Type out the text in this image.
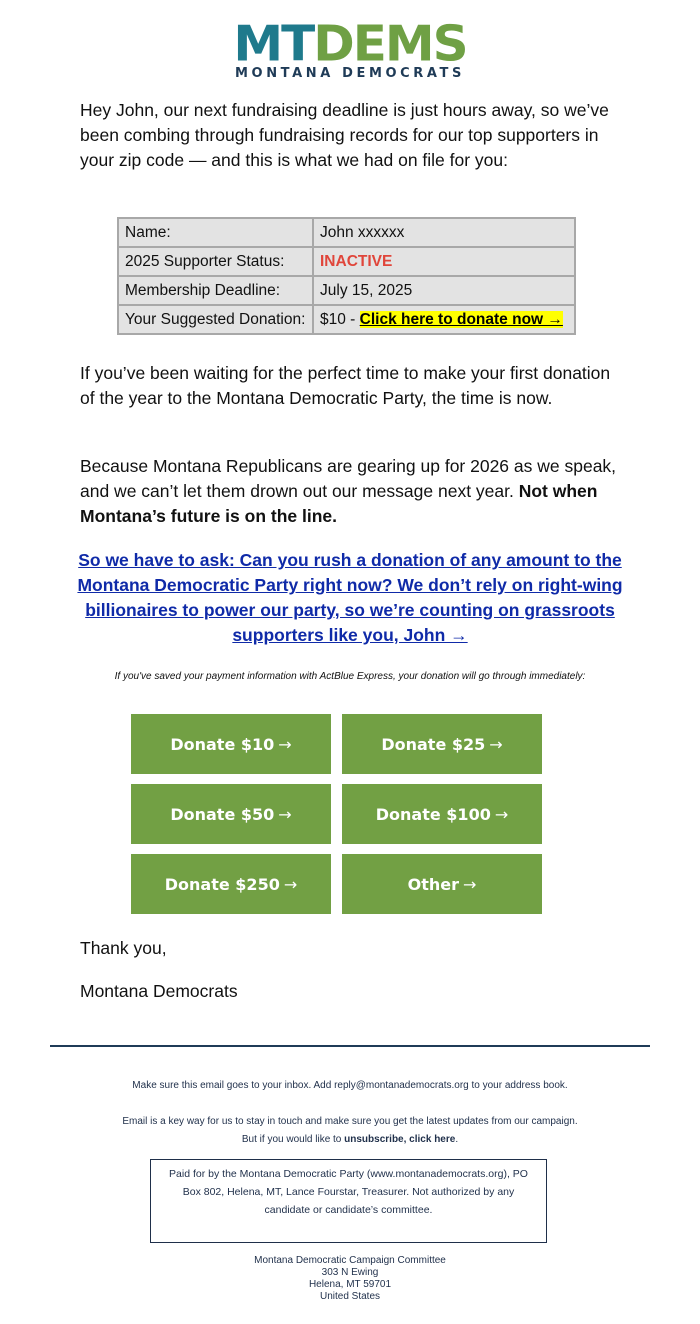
MTDEMS
MONTANA DEMOCRATS

Hey John, our next fundraising deadline is just hours away, so we’ve been combing through fundraising records for our top supporters in your zip code — and this is what we had on file for you:

Name:	John xxxxxx
2025 Supporter Status:	INACTIVE
Membership Deadline:	July 15, 2025
Your Suggested Donation:	$10 - Click here to donate now →

If you’ve been waiting for the perfect time to make your first donation of the year to the Montana Democratic Party, the time is now.

Because Montana Republicans are gearing up for 2026 as we speak, and we can’t let them drown out our message next year. Not when Montana’s future is on the line.

So we have to ask: Can you rush a donation of any amount to the Montana Democratic Party right now? We don’t rely on right-wing billionaires to power our party, so we’re counting on grassroots supporters like you, John →

If you've saved your payment information with ActBlue Express, your donation will go through immediately:
Donate $10 →	Donate $25 →
Donate $50 →	Donate $100 →
Donate $250 →	Other →

Thank you,

Montana Democrats

Make sure this email goes to your inbox. Add reply@montanademocrats.org to your address book.
Email is a key way for us to stay in touch and make sure you get the latest updates from our campaign.
But if you would like to unsubscribe, click here.
Paid for by the Montana Democratic Party (www.montanademocrats.org), PO Box 802, Helena, MT, Lance Fourstar, Treasurer. Not authorized by any candidate or candidate’s committee.
Montana Democratic Campaign Committee
303 N Ewing
Helena, MT 59701
United States
